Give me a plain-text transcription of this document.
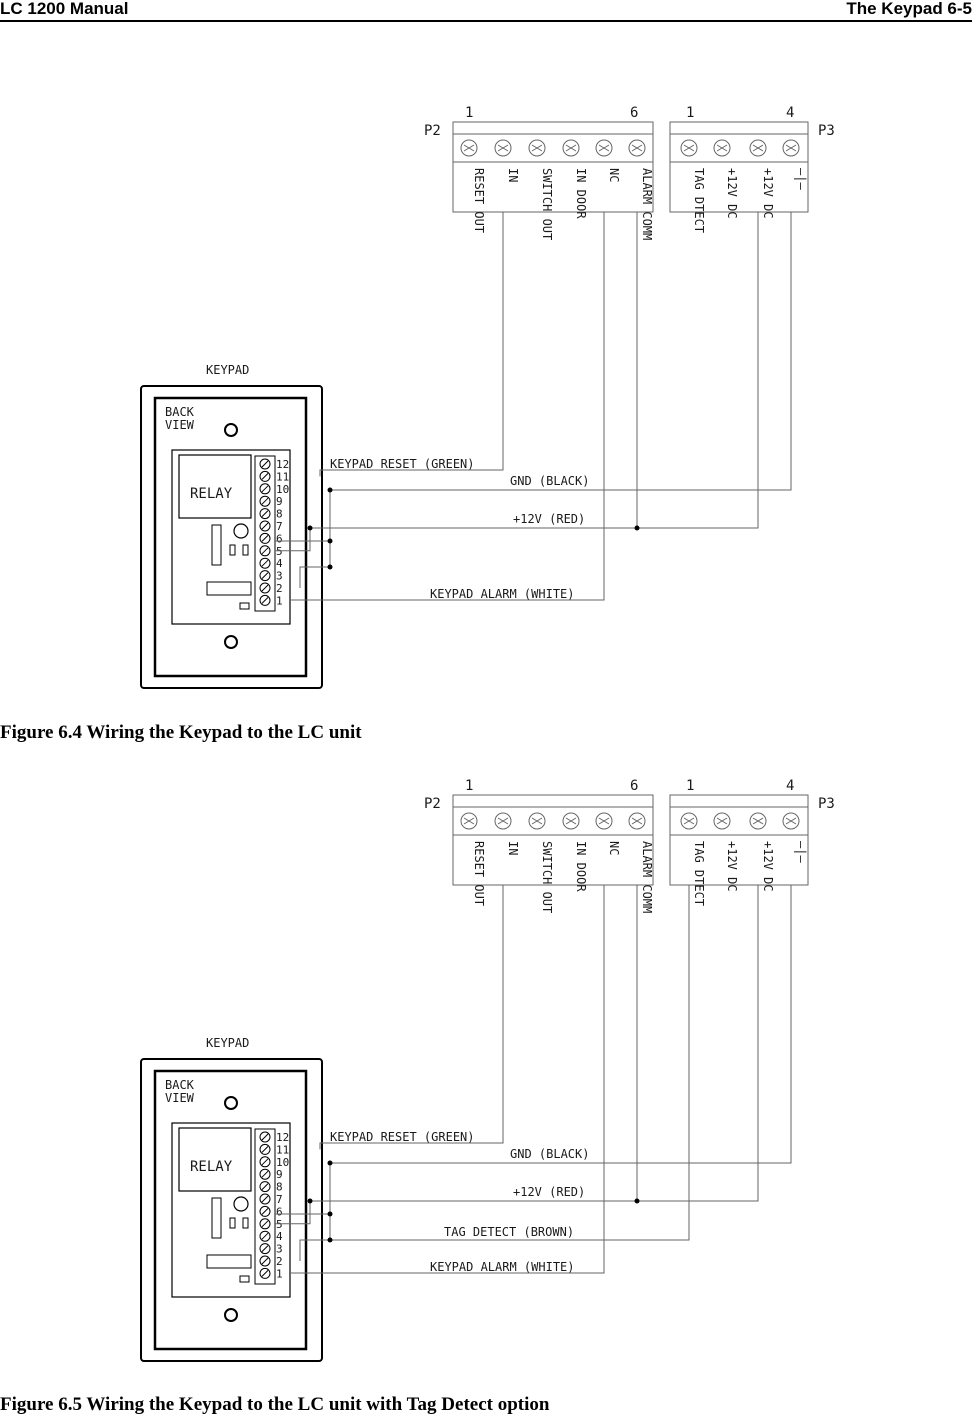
LC 1200 Manual	The Keypad 6-5
P2
1	6	1	4
P3
RESET OUT IN SWITCH OUT IN DOOR NC ALARM COMM	TAG DTECT +12V DC +12V DC —|—
KEYPAD
BACK
VIEW
RELAY
12
11
10
9
8
7
6
5
4
3
2
1
KEYPAD RESET (GREEN)
GND (BLACK)
+12V (RED)
KEYPAD ALARM (WHITE)
Figure 6.4 Wiring the Keypad to the LC unit
P2
1	6	1	4
P3
RESET OUT IN SWITCH OUT IN DOOR NC ALARM COMM	TAG DTECT +12V DC +12V DC —|—
KEYPAD
BACK
VIEW
RELAY
12
11
10
9
8
7
6
5
4
3
2
1
KEYPAD RESET (GREEN)
GND (BLACK)
+12V (RED)
TAG DETECT (BROWN)
KEYPAD ALARM (WHITE)
Figure 6.5 Wiring the Keypad to the LC unit with Tag Detect option
